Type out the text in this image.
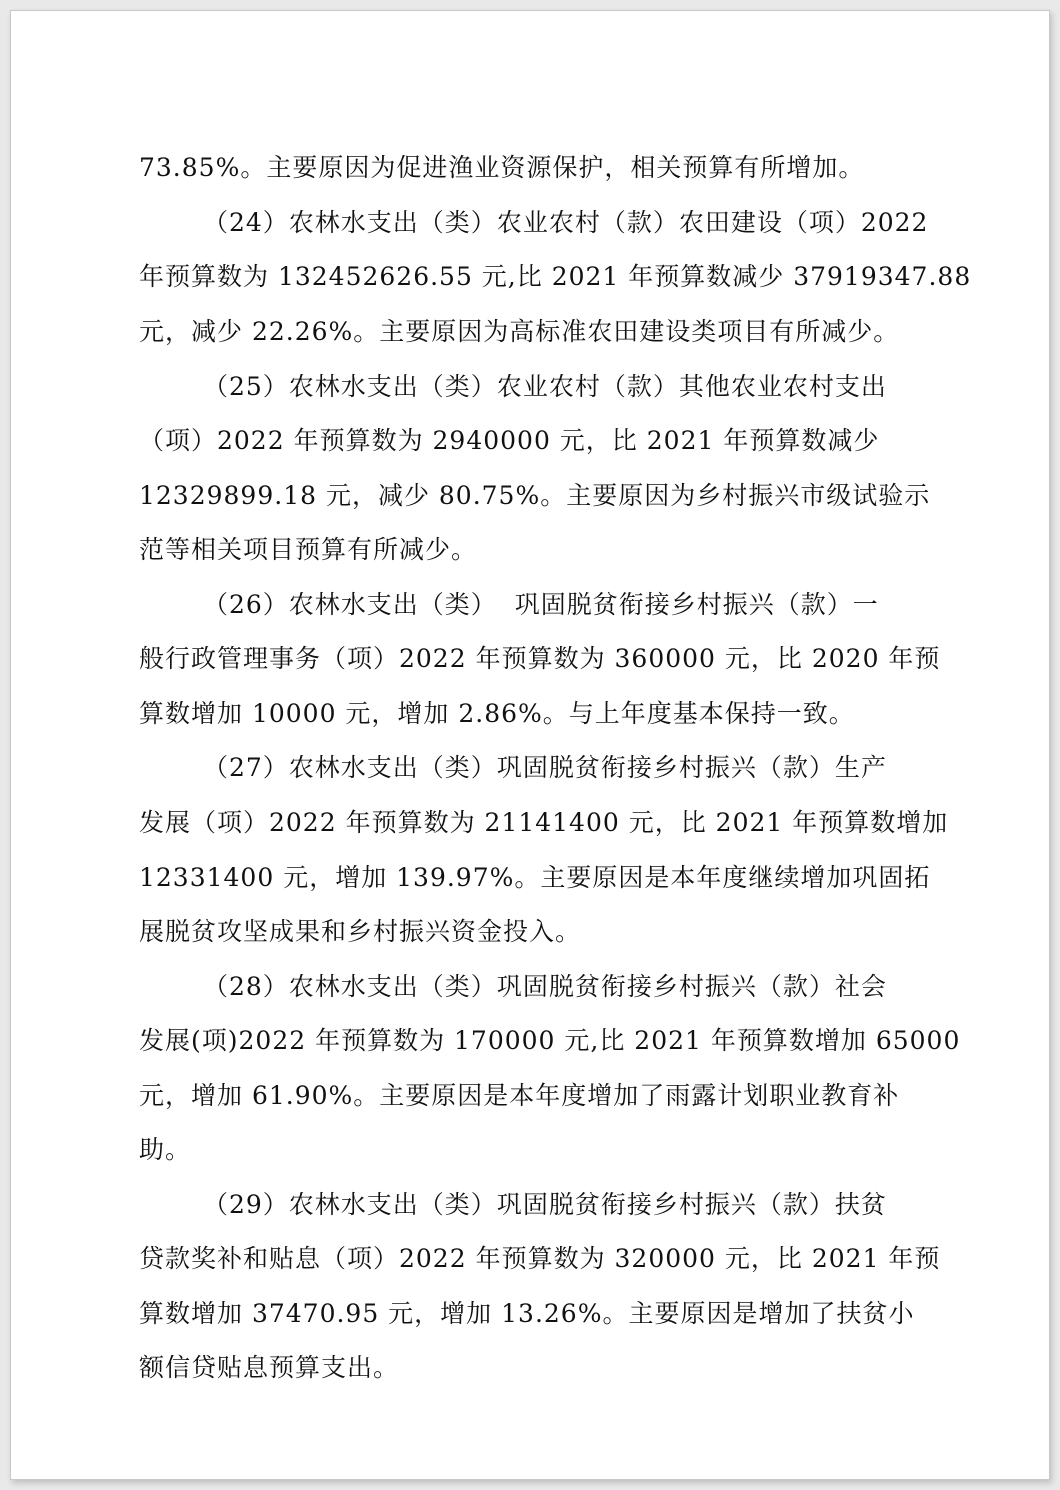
73.85%。主要原因为促进渔业资源保护，相关预算有所增加。
（24）农林水支出（类）农业农村（款）农田建设（项）2022
年预算数为 132452626.55 元,比 2021 年预算数减少 37919347.88
元，减少 22.26%。主要原因为高标准农田建设类项目有所减少。
（25）农林水支出（类）农业农村（款）其他农业农村支出
（项）2022 年预算数为 2940000 元，比 2021 年预算数减少
12329899.18 元，减少 80.75%。主要原因为乡村振兴市级试验示
范等相关项目预算有所减少。
（26）农林水支出（类）  巩固脱贫衔接乡村振兴（款）一
般行政管理事务（项）2022 年预算数为 360000 元，比 2020 年预
算数增加 10000 元，增加 2.86%。与上年度基本保持一致。
（27）农林水支出（类）巩固脱贫衔接乡村振兴（款）生产
发展（项）2022 年预算数为 21141400 元，比 2021 年预算数增加
12331400 元，增加 139.97%。主要原因是本年度继续增加巩固拓
展脱贫攻坚成果和乡村振兴资金投入。
（28）农林水支出（类）巩固脱贫衔接乡村振兴（款）社会
发展(项)2022 年预算数为 170000 元,比 2021 年预算数增加 65000
元，增加 61.90%。主要原因是本年度增加了雨露计划职业教育补
助。
（29）农林水支出（类）巩固脱贫衔接乡村振兴（款）扶贫
贷款奖补和贴息（项）2022 年预算数为 320000 元，比 2021 年预
算数增加 37470.95 元，增加 13.26%。主要原因是增加了扶贫小
额信贷贴息预算支出。
